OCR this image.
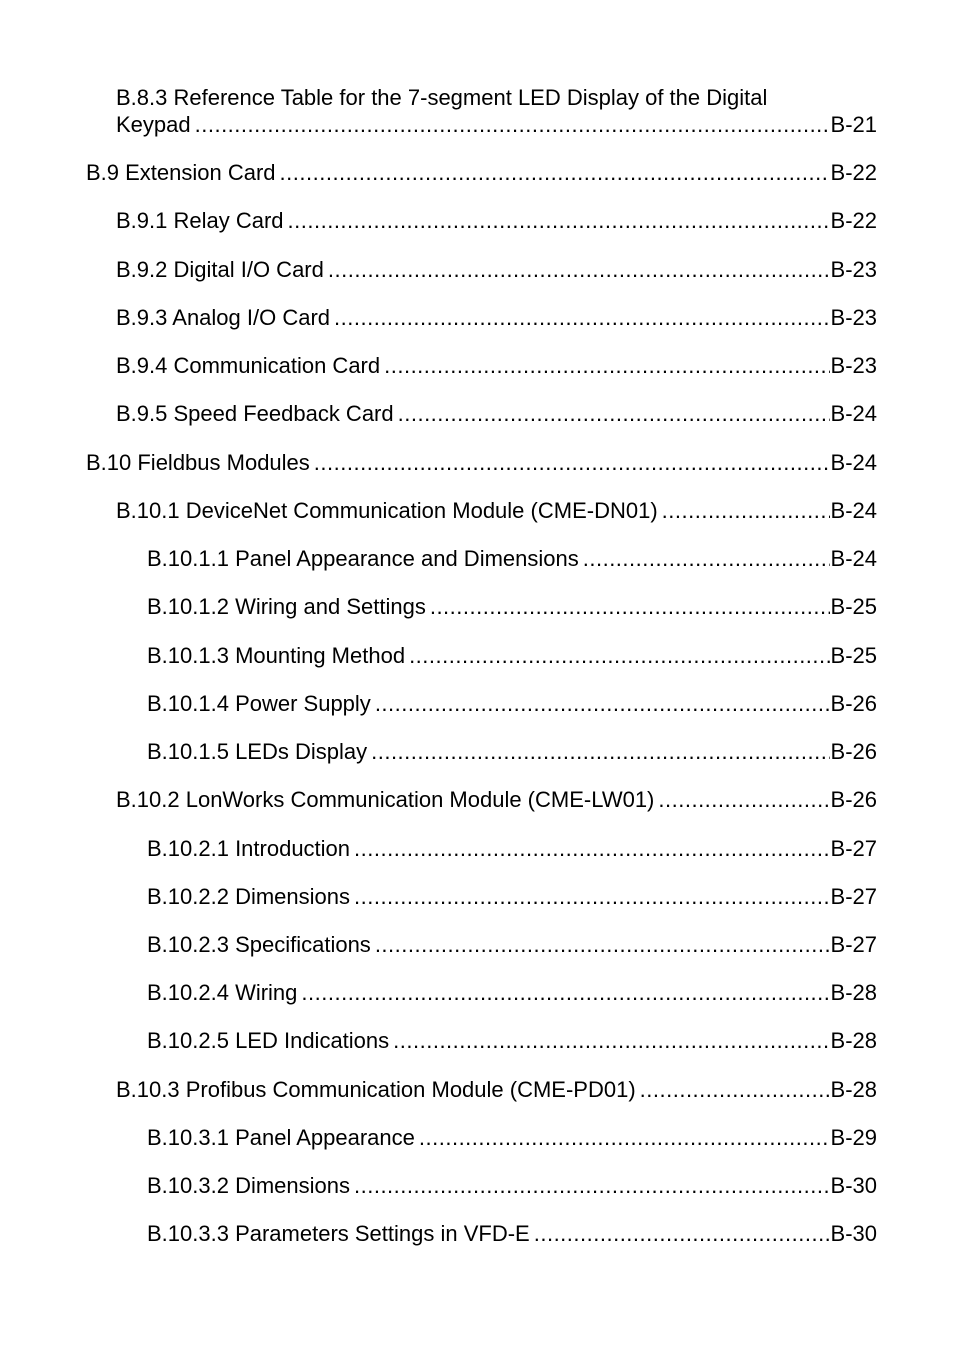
B.8.3 Reference Table for the 7-segment LED Display of the Digital
Keypad .....	B-21
B.9 Extension Card .....	B-22
B.9.1 Relay Card .....	B-22
B.9.2 Digital I/O Card .....	B-23
B.9.3 Analog I/O Card .....	B-23
B.9.4 Communication Card .....	B-23
B.9.5 Speed Feedback Card .....	B-24
B.10 Fieldbus Modules .....	B-24
B.10.1 DeviceNet Communication Module (CME-DN01) .....	B-24
B.10.1.1 Panel Appearance and Dimensions .....	B-24
B.10.1.2 Wiring and Settings .....	B-25
B.10.1.3 Mounting Method .....	B-25
B.10.1.4 Power Supply .....	B-26
B.10.1.5 LEDs Display .....	B-26
B.10.2 LonWorks Communication Module (CME-LW01) .....	B-26
B.10.2.1 Introduction .....	B-27
B.10.2.2 Dimensions .....	B-27
B.10.2.3 Specifications .....	B-27
B.10.2.4 Wiring .....	B-28
B.10.2.5 LED Indications .....	B-28
B.10.3 Profibus Communication Module (CME-PD01) .....	B-28
B.10.3.1 Panel Appearance .....	B-29
B.10.3.2 Dimensions .....	B-30
B.10.3.3 Parameters Settings in VFD-E .....	B-30
